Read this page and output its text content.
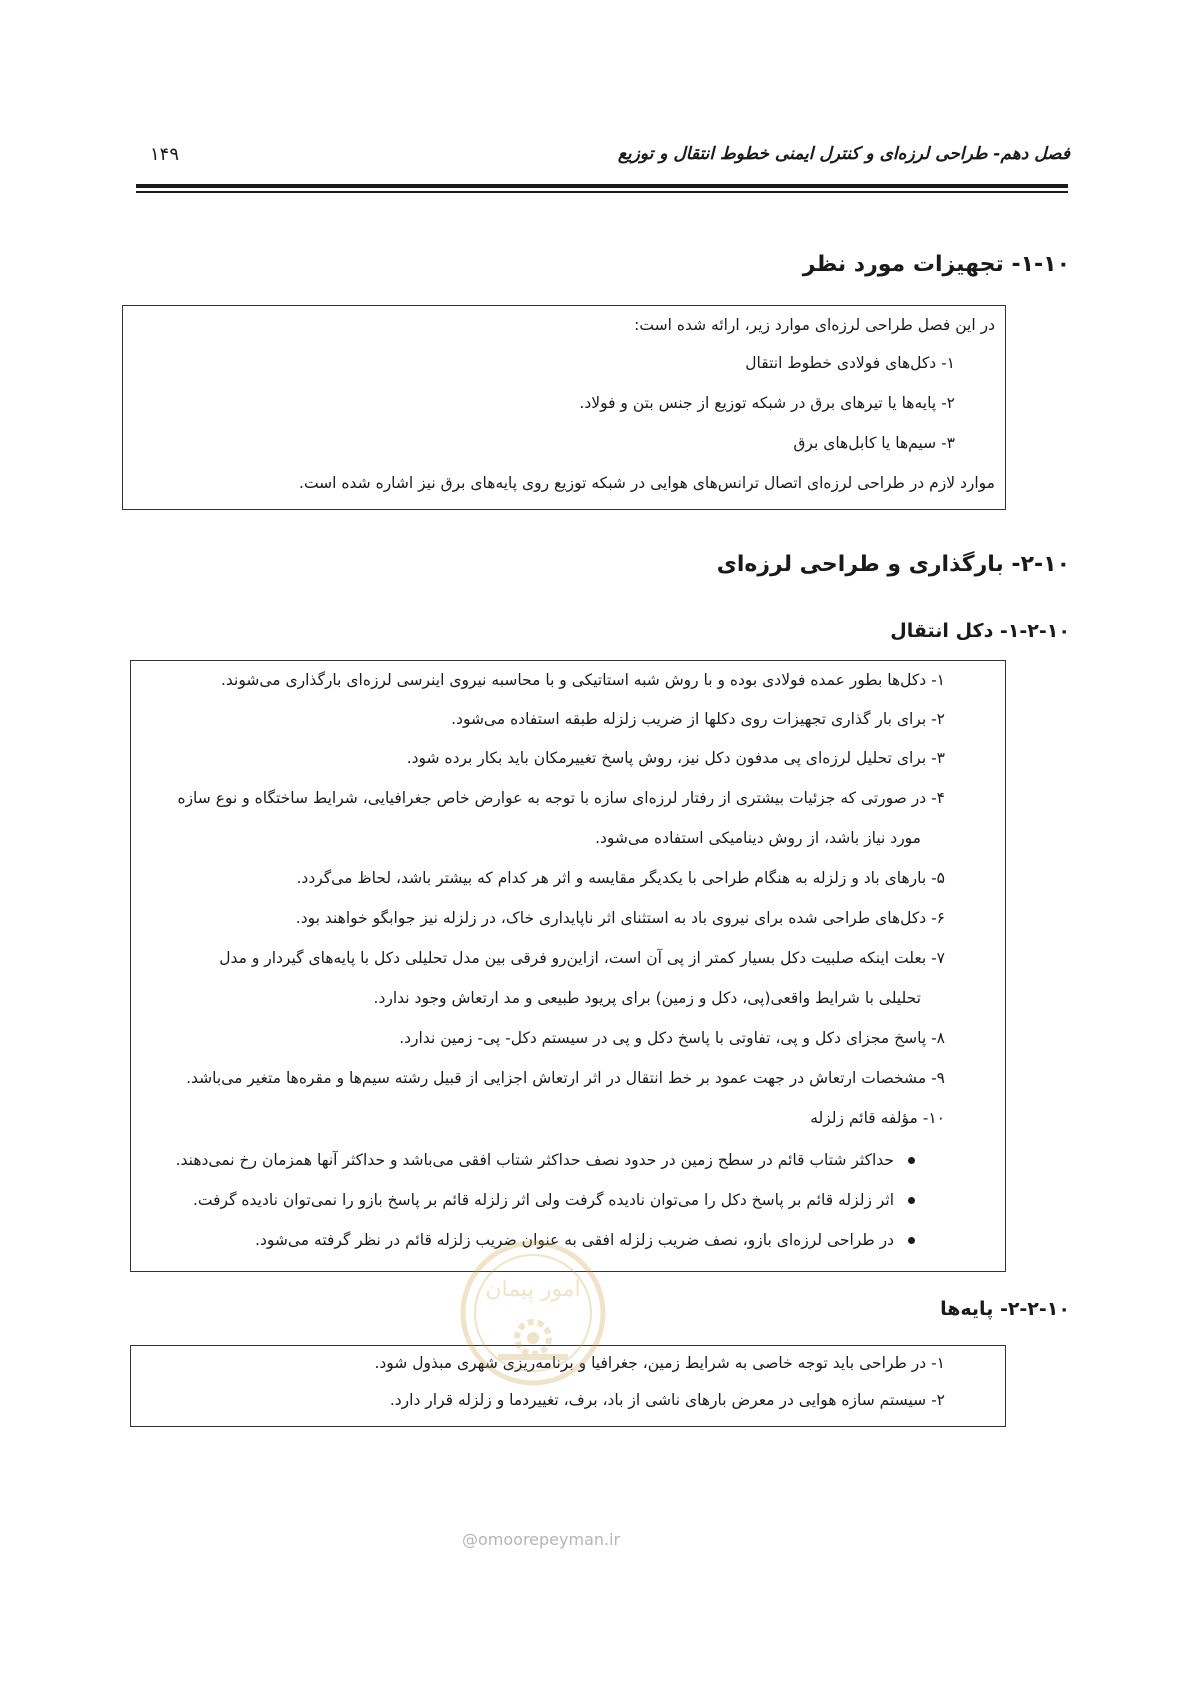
فصل دهم- طراحی لرزه‌ای و کنترل ایمنی خطوط انتقال و توزیع
۱۴۹
۱-۱۰- تجهیزات مورد نظر
در این فصل طراحی لرزه‌ای موارد زیر، ارائه شده است:
۱- دکل‌های فولادی خطوط انتقال
۲- پایه‌ها یا تیرهای برق در شبکه توزیع از جنس بتن و فولاد.
۳- سیم‌ها یا کابل‌های برق
موارد لازم در طراحی لرزه‌ای اتصال ترانس‌های هوایی در شبکه توزیع روی پایه‌های برق نیز اشاره شده است.
۲-۱۰- بارگذاری و طراحی لرزه‌ای
۱-۲-۱۰- دکل انتقال
۱- دکل‌ها بطور عمده فولادی بوده و با روش شبه استاتیکی و با محاسبه نیروی اینرسی لرزه‌ای بارگذاری می‌شوند.
۲- برای بار گذاری تجهیزات روی دکلها از ضریب زلزله طبقه استفاده می‌شود.
۳- برای تحلیل لرزه‌ای پی مدفون دکل نیز، روش پاسخ تغییرمکان باید بکار برده شود.
۴- در صورتی که جزئیات بیشتری از رفتار لرزه‌ای سازه با توجه به عوارض خاص جغرافیایی، شرایط ساختگاه و نوع سازه
مورد نیاز باشد، از روش دینامیکی استفاده می‌شود.
۵- بارهای باد و زلزله به هنگام طراحی با یکدیگر مقایسه و اثر هر کدام که بیشتر باشد، لحاظ می‌گردد.
۶- دکل‌های طراحی شده برای نیروی باد به استثنای اثر ناپایداری خاک، در زلزله نیز جوابگو خواهند بود.
۷- بعلت اینکه صلبیت دکل بسیار کمتر از پی آن است، ازاین‌رو فرقی بین مدل تحلیلی دکل با پایه‌های گیردار و مدل
تحلیلی با شرایط واقعی(پی، دکل و زمین) برای پریود طبیعی و مد ارتعاش وجود ندارد.
۸- پاسخ مجزای دکل و پی، تفاوتی با پاسخ دکل و پی در سیستم دکل- پی- زمین ندارد.
۹- مشخصات ارتعاش در جهت عمود بر خط انتقال در اثر ارتعاش اجزایی از قبیل رشته سیم‌ها و مقره‌ها متغیر می‌باشد.
۱۰- مؤلفه قائم زلزله
حداکثر شتاب قائم در سطح زمین در حدود نصف حداکثر شتاب افقی می‌باشد و حداکثر آنها همزمان رخ نمی‌دهند.
اثر زلزله قائم بر پاسخ دکل را می‌توان نادیده گرفت ولی اثر زلزله قائم بر پاسخ بازو را نمی‌توان نادیده گرفت.
در طراحی لرزه‌ای بازو، نصف ضریب زلزله افقی به عنوان ضریب زلزله قائم در نظر گرفته می‌شود.
۲-۲-۱۰- پایه‌ها
۱- در طراحی باید توجه خاصی به شرایط زمین، جغرافیا و برنامه‌ریزی شهری مبذول شود.
۲- سیستم سازه هوایی در معرض بارهای ناشی از باد، برف، تغییردما و زلزله قرار دارد.
امور پیمان
@omoorepeyman.ir
